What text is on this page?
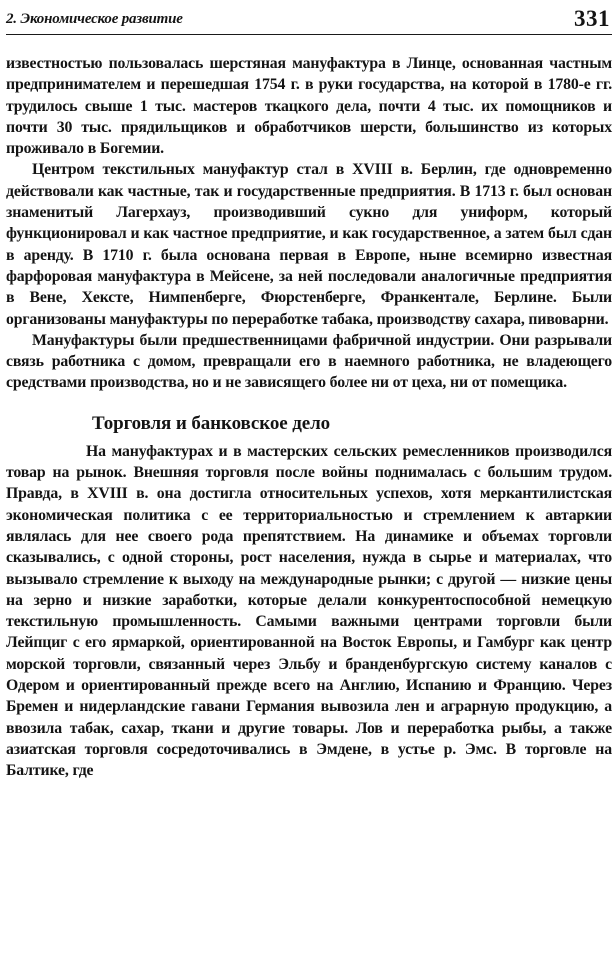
2. Экономическое развитие	331

известностью пользовалась шерстяная мануфактура в Линце, основанная частным предпринимателем и перешедшая 1754 г. в руки государства, на которой в 1780-е гг. трудилось свыше 1 тыс. мастеров ткацкого дела, почти 4 тыс. их помощников и почти 30 тыс. прядильщиков и обработчиков шерсти, большинство из которых проживало в Богемии.

Центром текстильных мануфактур стал в XVIII в. Берлин, где одновременно действовали как частные, так и государственные предприятия. В 1713 г. был основан знаменитый Лагерхауз, производивший сукно для униформ, который функционировал и как частное предприятие, и как государственное, а затем был сдан в аренду. В 1710 г. была основана первая в Европе, ныне всемирно известная фарфоровая мануфактура в Мейсене, за ней последовали аналогичные предприятия в Вене, Хексте, Нимпенберге, Фюрстенберге, Франкентале, Берлине. Были организованы мануфактуры по переработке табака, производству сахара, пивоварни.

Мануфактуры были предшественницами фабричной индустрии. Они разрывали связь работника с домом, превращали его в наемного работника, не владеющего средствами производства, но и не зависящего более ни от цеха, ни от помещика.

Торговля и банковское дело

На мануфактурах и в мастерских сельских ремесленников производился товар на рынок. Внешняя торговля после войны поднималась с большим трудом. Правда, в XVIII в. она достигла относительных успехов, хотя меркантилистская экономическая политика с ее территориальностью и стремлением к автаркии являлась для нее своего рода препятствием. На динамике и объемах торговли сказывались, с одной стороны, рост населения, нужда в сырье и материалах, что вызывало стремление к выходу на международные рынки; с другой — низкие цены на зерно и низкие заработки, которые делали конкурентоспособной немецкую текстильную промышленность. Самыми важными центрами торговли были Лейпциг с его ярмаркой, ориентированной на Восток Европы, и Гамбург как центр морской торговли, связанный через Эльбу и бранденбургскую систему каналов с Одером и ориентированный прежде всего на Англию, Испанию и Францию. Через Бремен и нидерландские гавани Германия вывозила лен и аграрную продукцию, а ввозила табак, сахар, ткани и другие товары. Лов и переработка рыбы, а также азиатская торговля сосредоточивались в Эмдене, в устье р. Эмс. В торговле на Балтике, где
